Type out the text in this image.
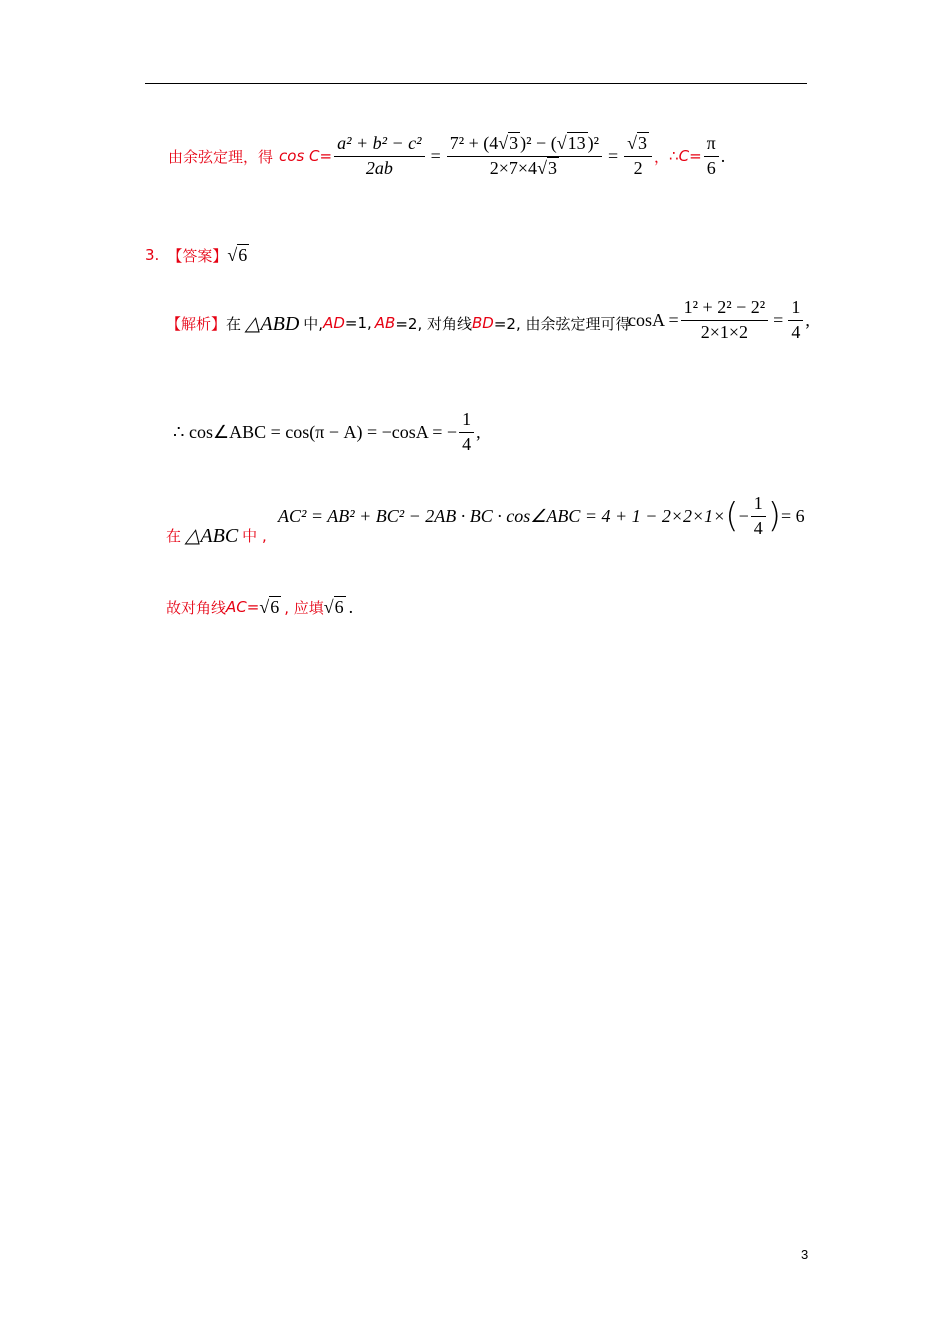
由余弦定理，得 $\cos C= \frac{\text{a² + b² − c²}}{2ab} = \frac{\text{7² + (4√3 )² − (√13 )²}}{2\times 7\times 4√3} = \frac{√3}{2}$ ， ∴C= $\frac{\pi}{6}$ .
3. 【答案】 √6
【解析】 在 △ABD 中, AD =1, AB =2, 对角线 BD =2, 由余弦定理可得
$\cos A = \frac{\text{1² + 2² − 2²}}{2\times 1\times 2} = \frac{1}{4}$ ,
∴ cos∠ABC = cos(π − A) = −cosA = − $\frac{1}{4}$ ,
在 △ABC 中 ,
AC² = AB² + BC² − 2AB · BC · cos∠ABC = 4 + 1 − 2×2×1× ( − $\frac{1}{4}$ ) = 6
故对角线 AC = √6 , 应填 √6 .
3
